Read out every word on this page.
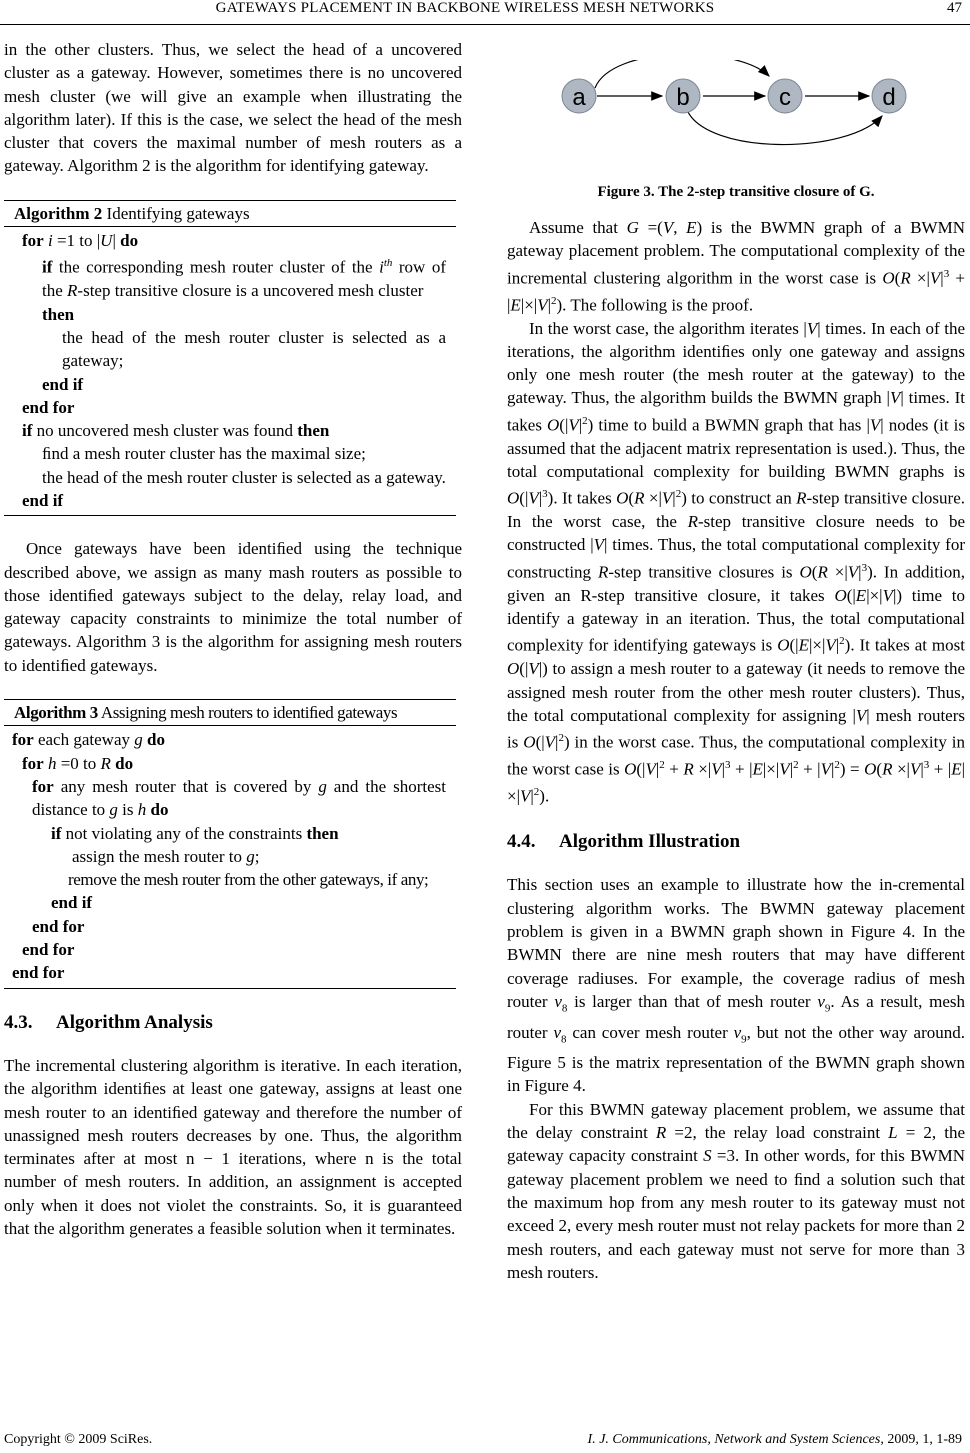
GATEWAYS PLACEMENT IN BACKBONE WIRELESS MESH NETWORKS	47

in the other clusters. Thus, we select the head of a uncovered cluster as a gateway. However, sometimes there is no uncovered mesh cluster (we will give an example when illustrating the algorithm later). If this is the case, we select the head of the mesh cluster that covers the maximal number of mesh routers as a gateway. Algorithm 2 is the algorithm for identifying gateway.

Algorithm 2 Identifying gateways
for i =1 to |U| do
if the corresponding mesh router cluster of the $i^{th}$ row of the R-step transitive closure is a uncovered mesh cluster
then
the head of the mesh router cluster is selected as a gateway;
end if
end for
if no uncovered mesh cluster was found then
ﬁnd a mesh router cluster has the maximal size;
the head of the mesh router cluster is selected as a gateway.
end if

Once gateways have been identiﬁed using the technique described above, we assign as many mash routers as possible to those identiﬁed gateways subject to the delay, relay load, and gateway capacity constraints to minimize the total number of gateways. Algorithm 3 is the algorithm for assigning mesh routers to identiﬁed gateways.

Algorithm 3 Assigning mesh routers to identiﬁed gateways
for each gateway g do
for h =0 to R do
for any mesh router that is covered by g and the shortest distance to g is h do
if not violating any of the constraints then
assign the mesh router to g;
remove the mesh router from the other gateways, if any;
end if
end for
end for
end for
4.3. Algorithm Analysis

The incremental clustering algorithm is iterative. In each iteration, the algorithm identiﬁes at least one gateway, assigns at least one mesh router to an identiﬁed gateway and therefore the number of unassigned mesh routers decreases by one. Thus, the algorithm terminates after at most n − 1 iterations, where n is the total number of mesh routers. In addition, an assignment is accepted only when it does not violet the constraints. So, it is guaranteed that the algorithm generates a feasible solution when it terminates.

a	b	c	d
Figure 3. The 2-step transitive closure of G.

Assume that G =(V, E) is the BWMN graph of a BWMN gateway placement problem. The computational complexity of the incremental clustering algorithm in the worst case is $O(R \times|V|^3 + |E|\times|V|^2)$. The following is the proof.

In the worst case, the algorithm iterates |V| times. In each of the iterations, the algorithm identiﬁes only one gateway and assigns only one mesh router (the mesh router at the gateway) to the gateway. Thus, the algorithm builds the BWMN graph |V| times. It takes $O(|V|^2)$ time to build a BWMN graph that has |V| nodes (it is assumed that the adjacent matrix representation is used.). Thus, the total computational complexity for building BWMN graphs is $O(|V|^3)$. It takes $O(R \times|V|^2)$ to construct an R-step transitive closure. In the worst case, the R-step transitive closure needs to be constructed |V| times. Thus, the total computational complexity for constructing R-step transitive closures is $O(R \times|V|^3)$. In addition, given an R-step transitive closure, it takes O(|E|×|V|) time to identify a gateway in an iteration. Thus, the total computational complexity for identifying gateways is $O(|E|\times|V|^2)$. It takes at most O(|V|) to assign a mesh router to a gateway (it needs to remove the assigned mesh router from the other mesh router clusters). Thus, the total computational complexity for assigning |V| mesh routers is $O(|V|^2)$ in the worst case. Thus, the computational complexity in the worst case is $O(|V|^2 + R \times|V|^3 + |E|\times|V|^2 + |V|^2) = O(R \times|V|^3 + |E|\times|V|^2)$.

4.4. Algorithm Illustration

This section uses an example to illustrate how the in-cremental clustering algorithm works. The BWMN gateway placement problem is given in a BWMN graph shown in Figure 4. In the BWMN there are nine mesh routers that may have different coverage radiuses. For example, the coverage radius of mesh router $v_8$ is larger than that of mesh router $v_9$. As a result, mesh router $v_8$ can cover mesh router $v_9$, but not the other way around. Figure 5 is the matrix representation of the BWMN graph shown in Figure 4.

For this BWMN gateway placement problem, we assume that the delay constraint R =2, the relay load constraint L = 2, the gateway capacity constraint S =3. In other words, for this BWMN gateway placement problem we need to ﬁnd a solution such that the maximum hop from any mesh router to its gateway must not exceed 2, every mesh router must not relay packets for more than 2 mesh routers, and each gateway must not serve for more than 3 mesh routers.

Copyright © 2009 SciRes.	I. J. Communications, Network and System Sciences, 2009, 1, 1-89
